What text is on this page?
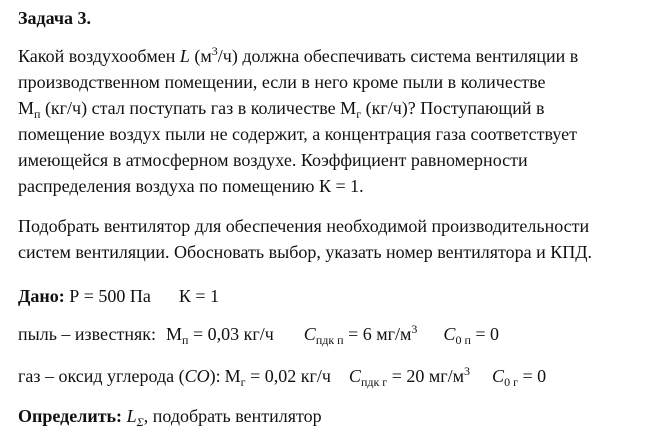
Задача 3.
Какой воздухообмен L $(м^3/ч)$ должна обеспечивать система вентиляции в
производственном помещении, если в него кроме пыли в количестве
$М_п$ (кг/ч) стал поступать газ в количестве $М_г$ (кг/ч)? Поступающий в
помещение воздух пыли не содержит, а концентрация газа соответствует
имеющейся в атмосферном воздухе. Коэффициент равномерности
распределения воздуха по помещению К = 1.
Подобрать вентилятор для обеспечения необходимой производительности
систем вентиляции. Обосновать выбор, указать номер вентилятора и КПД.
Дано: Р = 500 Па К = 1
пыль – известняк: $М_п = 0,03$ кг/ч $С_{пдк п} = 6$ $мг/м^3$ $С_{0 п} = 0$
газ – оксид углерода (СО): $М_г = 0,02$ кг/ч $С_{пдк г} = 20$ $мг/м^3$ $С_{0 г} = 0$
Определить: $L_\Sigma$, подобрать вентилятор
